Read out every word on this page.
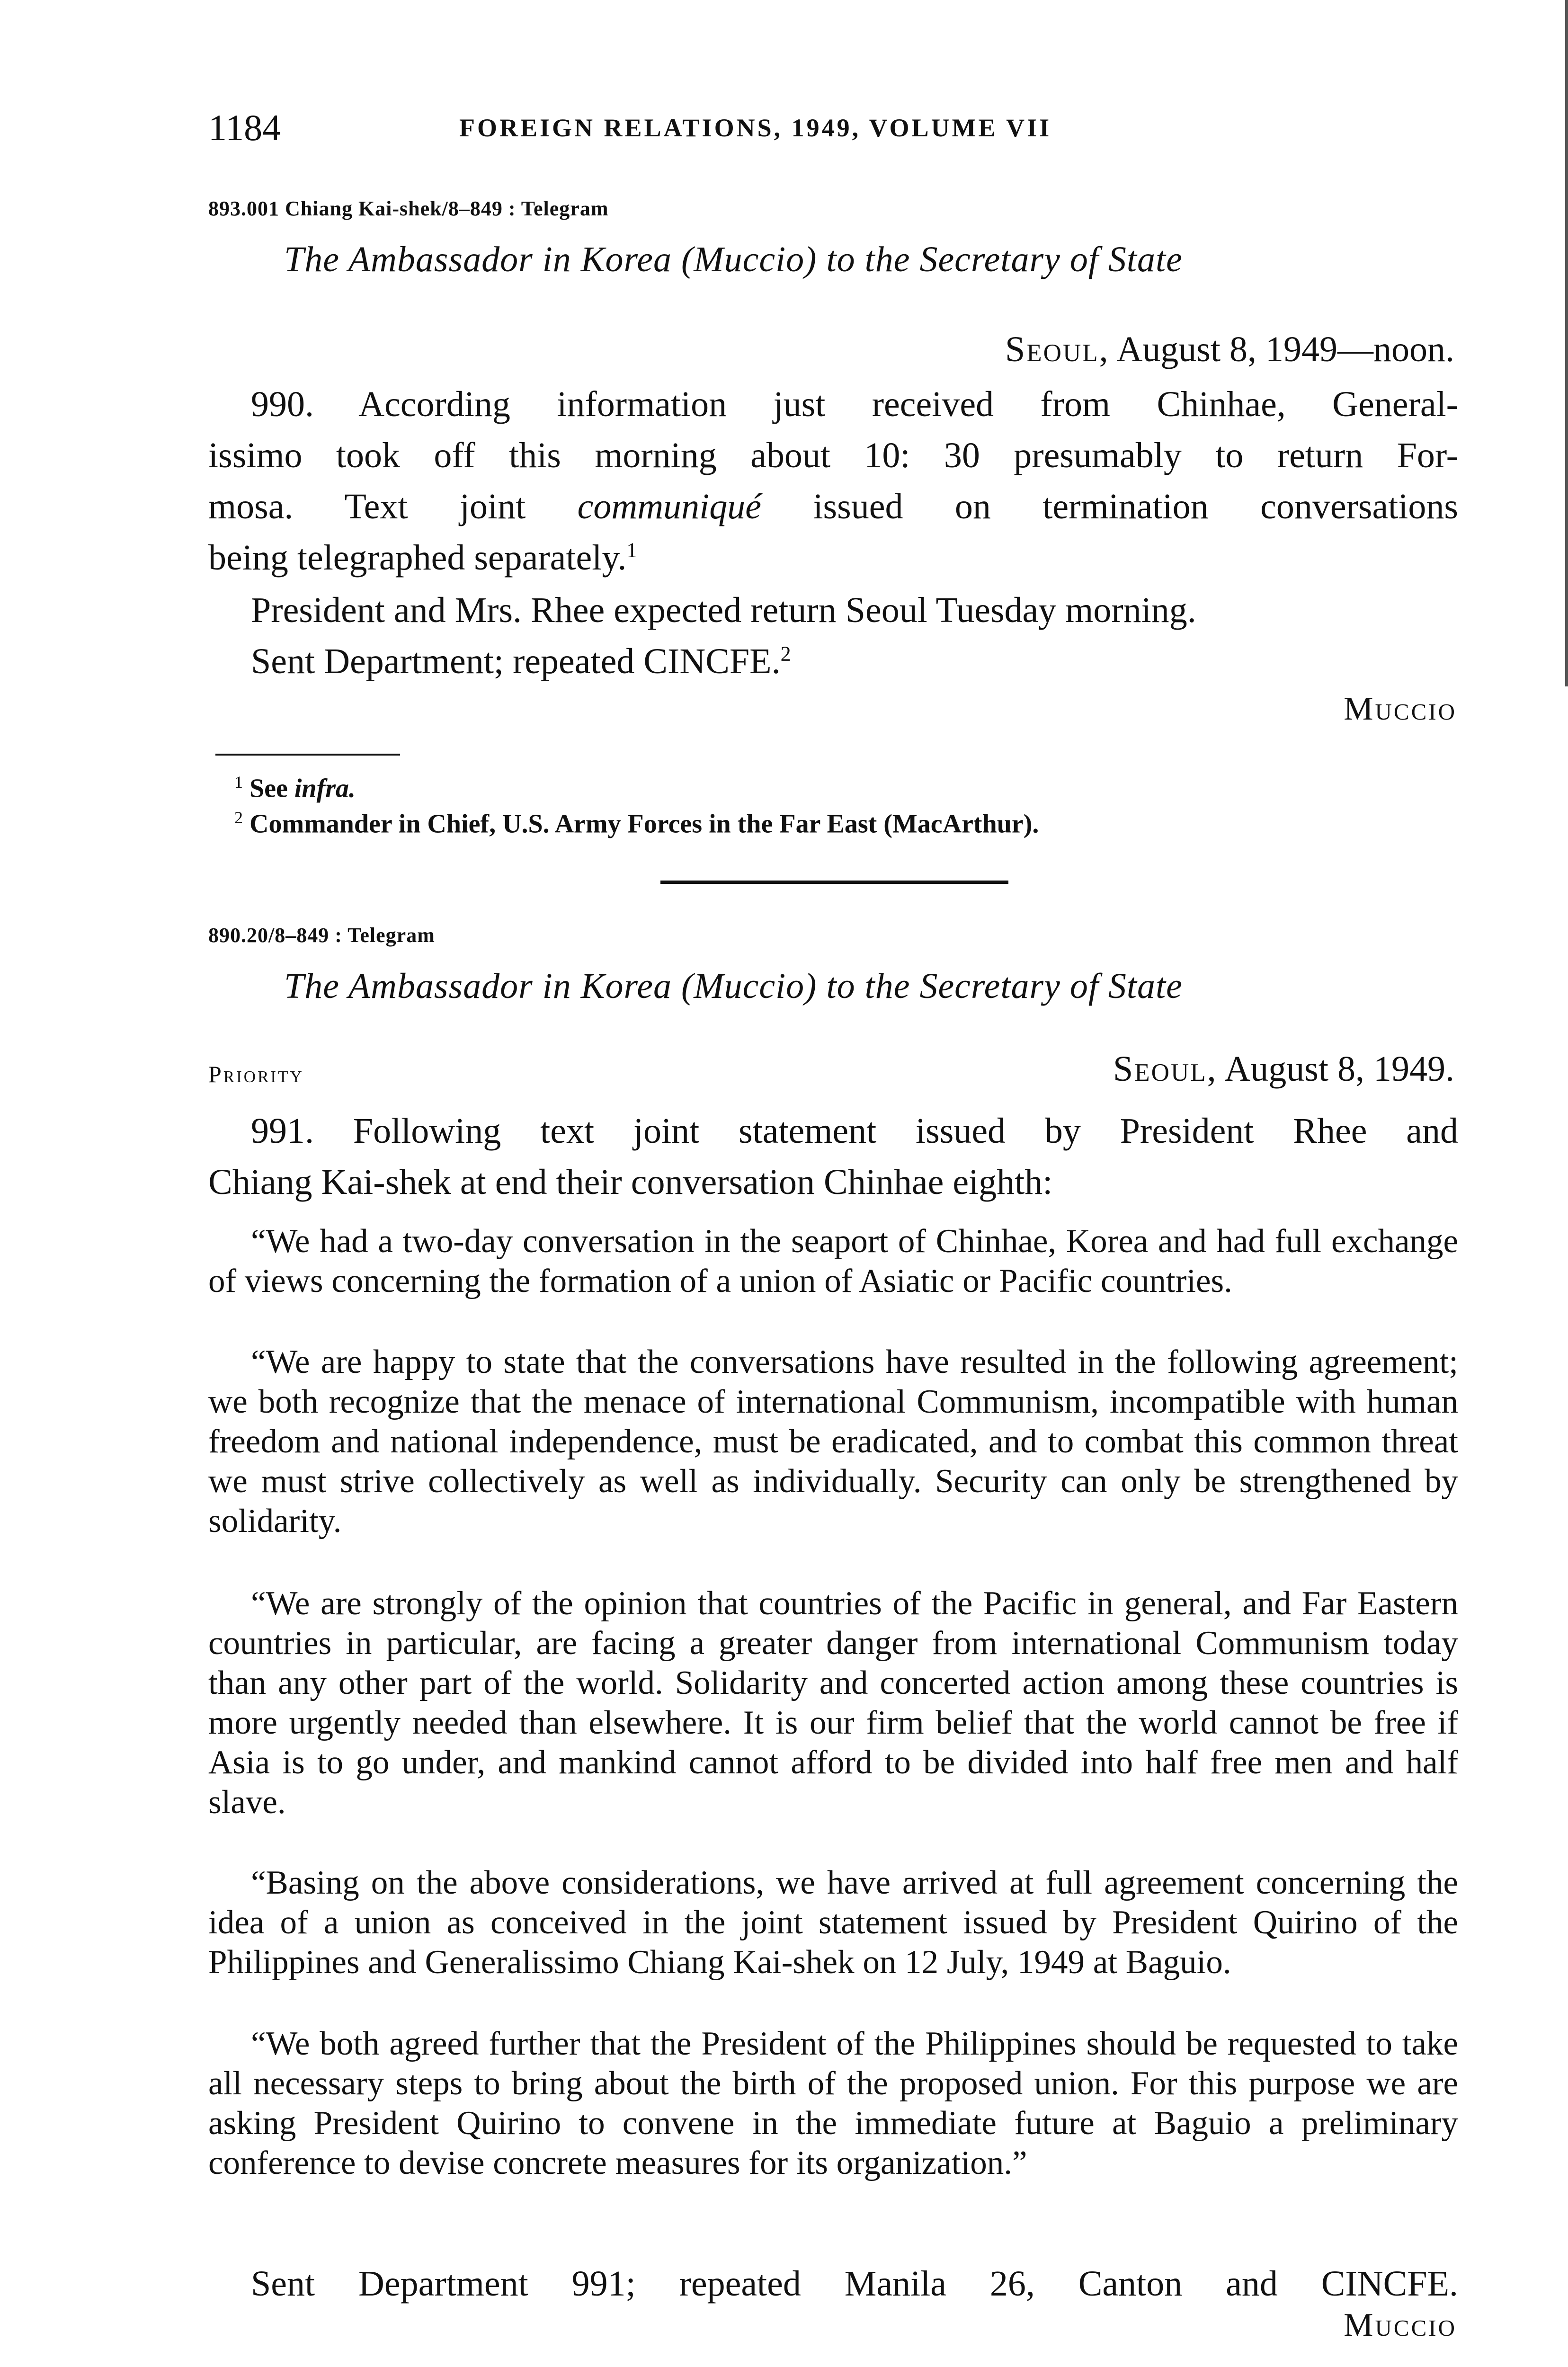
1184	FOREIGN RELATIONS, 1949, VOLUME VII
893.001 Chiang Kai-shek/8–849 : Telegram
The Ambassador in Korea (Muccio) to the Secretary of State
Seoul, August 8, 1949—noon.
990. According information just received from Chinhae, General-
issimo took off this morning about 10: 30 presumably to return For-
mosa. Text joint communiqué issued on termination conversations
being telegraphed separately.$^1$
President and Mrs. Rhee expected return Seoul Tuesday morning.
Sent Department; repeated CINCFE.$^2$
Muccio
$^1$ See infra.
$^2$ Commander in Chief, U.S. Army Forces in the Far East (MacArthur).
890.20/8–849 : Telegram
The Ambassador in Korea (Muccio) to the Secretary of State
Priority	Seoul, August 8, 1949.
991. Following text joint statement issued by President Rhee and
Chiang Kai-shek at end their conversation Chinhae eighth:
“We had a two-day conversation in the seaport of Chinhae, Korea and had full exchange of views concerning the formation of a union of Asiatic or Pacific countries.
“We are happy to state that the conversations have resulted in the following agreement; we both recognize that the menace of international Communism, incompatible with human freedom and national independence, must be eradicated, and to combat this common threat we must strive collectively as well as individually. Security can only be strengthened by solidarity.
“We are strongly of the opinion that countries of the Pacific in general, and Far Eastern countries in particular, are facing a greater danger from international Communism today than any other part of the world. Solidarity and concerted action among these countries is more urgently needed than elsewhere. It is our firm belief that the world cannot be free if Asia is to go under, and mankind cannot afford to be divided into half free men and half slave.
“Basing on the above considerations, we have arrived at full agreement concerning the idea of a union as conceived in the joint statement issued by President Quirino of the Philippines and Generalissimo Chiang Kai-shek on 12 July, 1949 at Baguio.
“We both agreed further that the President of the Philippines should be requested to take all necessary steps to bring about the birth of the proposed union. For this purpose we are asking President Quirino to convene in the immediate future at Baguio a preliminary conference to devise concrete measures for its organization.”
Sent Department 991; repeated Manila 26, Canton and CINCFE.
Muccio
